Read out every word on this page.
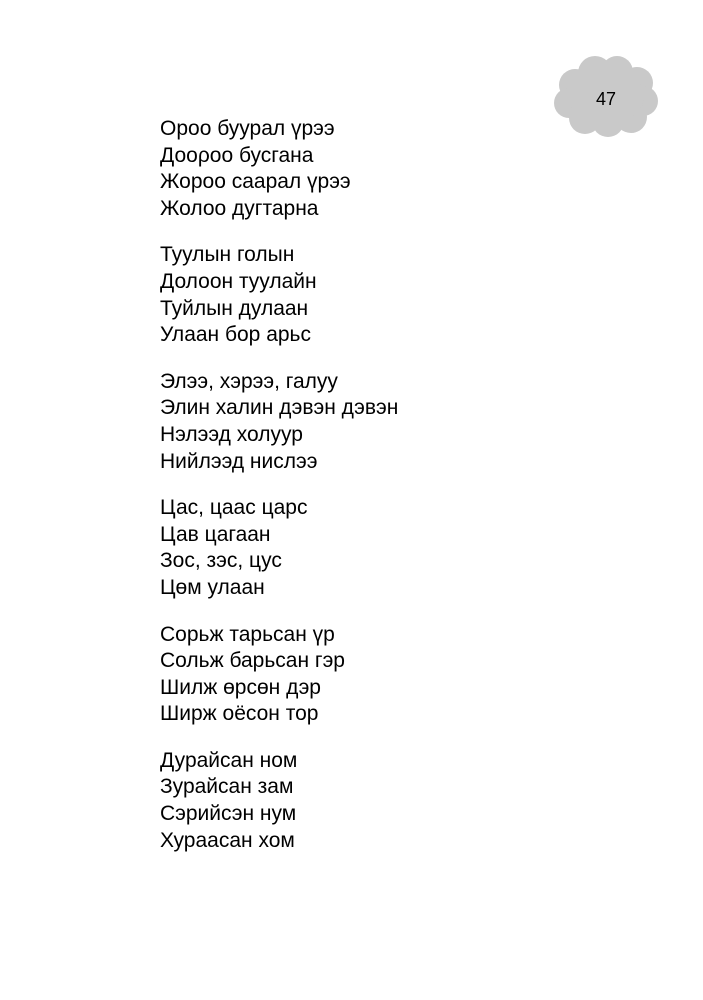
47
Ороо буурал үрээ
Дооροο бусгана
Жороо саарал үрээ
Жолоо дугтарна
Туулын голын
Долоон туулайн
Туйлын дулаан
Улаан бор арьс
Элээ, хэрээ, галуу
Элин халин дэвэн дэвэн
Нэлээд холуур
Нийлээд нислээ
Цас, цаас царс
Цав цагаан
Зос, зэс, цус
Цөм улаан
Сорьж тарьсан үр
Сольж барьсан гэр
Шилж өрсөн дэр
Ширж оёсон тор
Дурайсан ном
Зурайсан зам
Сэрийсэн нум
Хураасан хом
